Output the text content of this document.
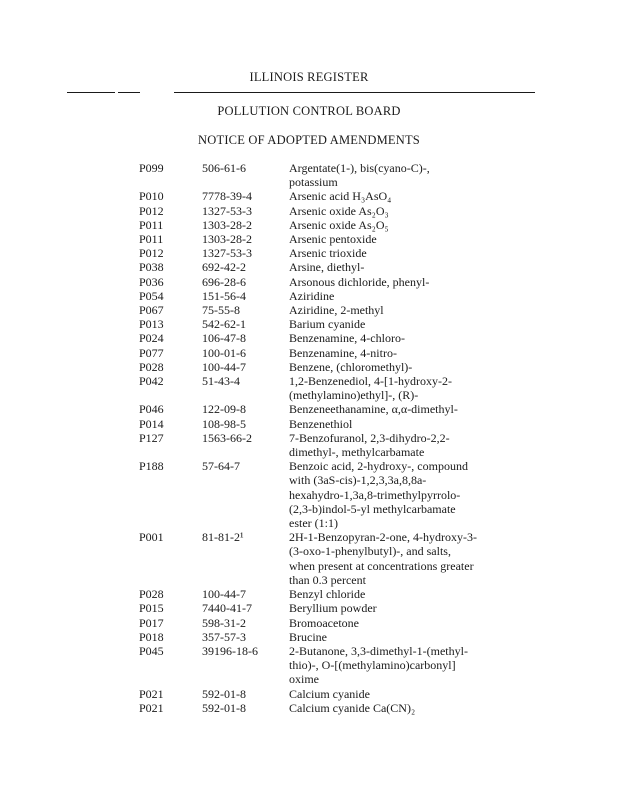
ILLINOIS REGISTER
POLLUTION CONTROL BOARD
NOTICE OF ADOPTED AMENDMENTS
P099	506-61-6	Argentate(1-), bis(cyano-C)-,
potassium
P010	7778-39-4	Arsenic acid H₃AsO₄
P012	1327-53-3	Arsenic oxide As₂O₃
P011	1303-28-2	Arsenic oxide As₂O₅
P011	1303-28-2	Arsenic pentoxide
P012	1327-53-3	Arsenic trioxide
P038	692-42-2	Arsine, diethyl-
P036	696-28-6	Arsonous dichloride, phenyl-
P054	151-56-4	Aziridine
P067	75-55-8	Aziridine, 2-methyl
P013	542-62-1	Barium cyanide
P024	106-47-8	Benzenamine, 4-chloro-
P077	100-01-6	Benzenamine, 4-nitro-
P028	100-44-7	Benzene, (chloromethyl)-
P042	51-43-4	1,2-Benzenediol, 4-[1-hydroxy-2-
(methylamino)ethyl]-, (R)-
P046	122-09-8	Benzeneethanamine, α,α-dimethyl-
P014	108-98-5	Benzenethiol
P127	1563-66-2	7-Benzofuranol, 2,3-dihydro-2,2-
dimethyl-, methylcarbamate
P188	57-64-7	Benzoic acid, 2-hydroxy-, compound
with (3aS-cis)-1,2,3,3a,8,8a-
hexahydro-1,3a,8-trimethylpyrrolo-
(2,3-b)indol-5-yl methylcarbamate
ester (1:1)
P001	81-81-2¹	2H-1-Benzopyran-2-one, 4-hydroxy-3-
(3-oxo-1-phenylbutyl)-, and salts,
when present at concentrations greater
than 0.3 percent
P028	100-44-7	Benzyl chloride
P015	7440-41-7	Beryllium powder
P017	598-31-2	Bromoacetone
P018	357-57-3	Brucine
P045	39196-18-6	2-Butanone, 3,3-dimethyl-1-(methyl-
thio)-, O-[(methylamino)carbonyl]
oxime
P021	592-01-8	Calcium cyanide
P021	592-01-8	Calcium cyanide Ca(CN)₂
